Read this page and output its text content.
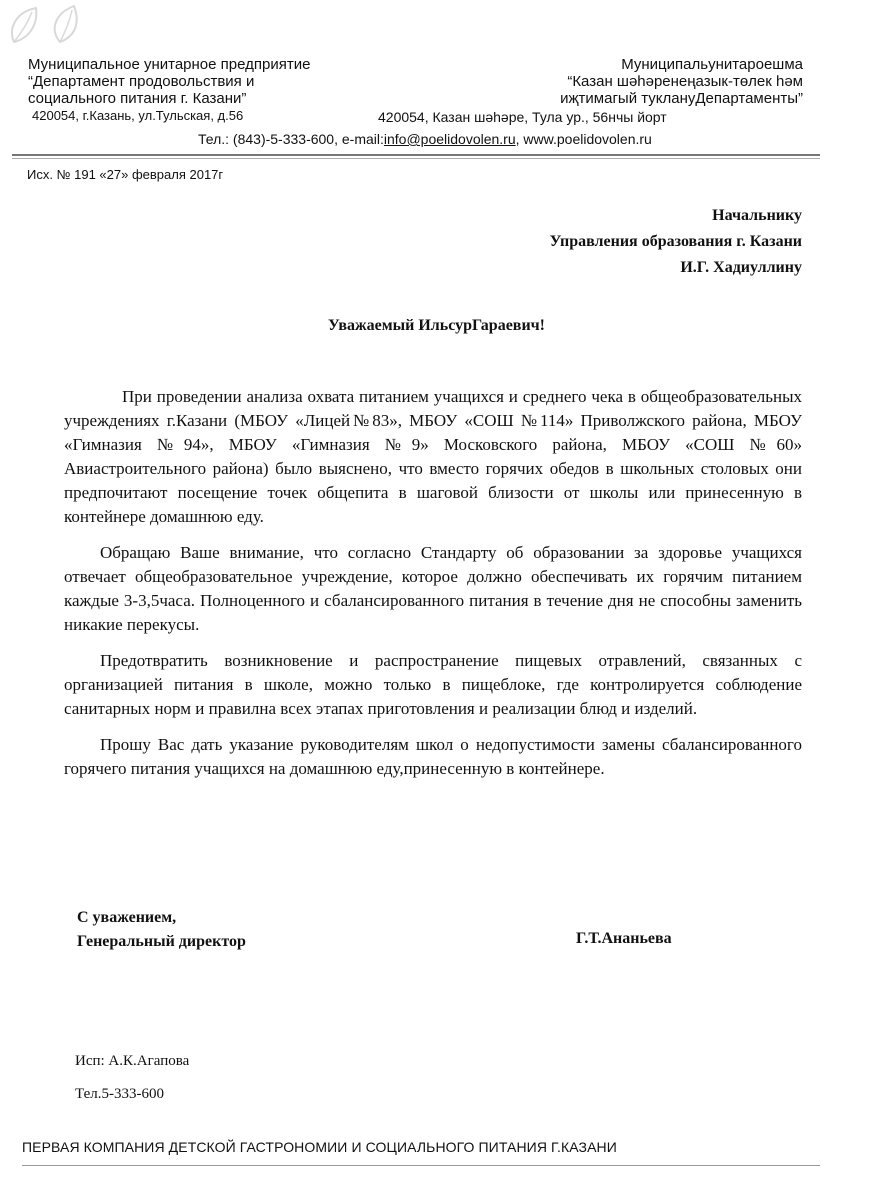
Муниципальное унитарное предприятие
“Департамент продовольствия и
социального питания г. Казани”
420054, г.Казань, ул.Тульская, д.56
Муниципальунитароешма
“Казан шәһәренеңазык-төлек һәм
иҗтимагый туклануДепартаменты”
420054, Казан шәһәре, Тула ур., 56нчы йорт
Тел.: (843)-5-333-600, e-mail:info@poelidovolen.ru, www.poelidovolen.ru
Исх. № 191 «27» февраля 2017г
Начальнику
Управления образования г. Казани
И.Г. Хадиуллину
Уважаемый ИльсурГараевич!

При проведении анализа охвата питанием учащихся и среднего чека в общеобразовательных учреждениях г.Казани (МБОУ «Лицей№83», МБОУ «СОШ №114» Приволжского района, МБОУ «Гимназия №94», МБОУ «Гимназия №9» Московского района, МБОУ «СОШ №60» Авиастроительного района) было выяснено, что вместо горячих обедов в школьных столовых они предпочитают посещение точек общепита в шаговой близости от школы или принесенную в контейнере домашнюю еду.

Обращаю Ваше внимание, что согласно Стандарту об образовании за здоровье учащихся отвечает общеобразовательное учреждение, которое должно обеспечивать их горячим питанием каждые 3-3,5часа. Полноценного и сбалансированного питания в течение дня не способны заменить никакие перекусы.

Предотвратить возникновение и распространение пищевых отравлений, связанных с организацией питания в школе, можно только в пищеблоке, где контролируется соблюдение санитарных норм и правилна всех этапах приготовления и реализации блюд и изделий.

Прошу Вас дать указание руководителям школ о недопустимости замены сбалансированного горячего питания учащихся на домашнюю еду,принесенную в контейнере.

С уважением,
Генеральный директор	Г.Т.Ананьева
Исп: А.К.Агапова
Тел.5-333-600
ПЕРВАЯ КОМПАНИЯ ДЕТСКОЙ ГАСТРОНОМИИ И СОЦИАЛЬНОГО ПИТАНИЯ Г.КАЗАНИ
